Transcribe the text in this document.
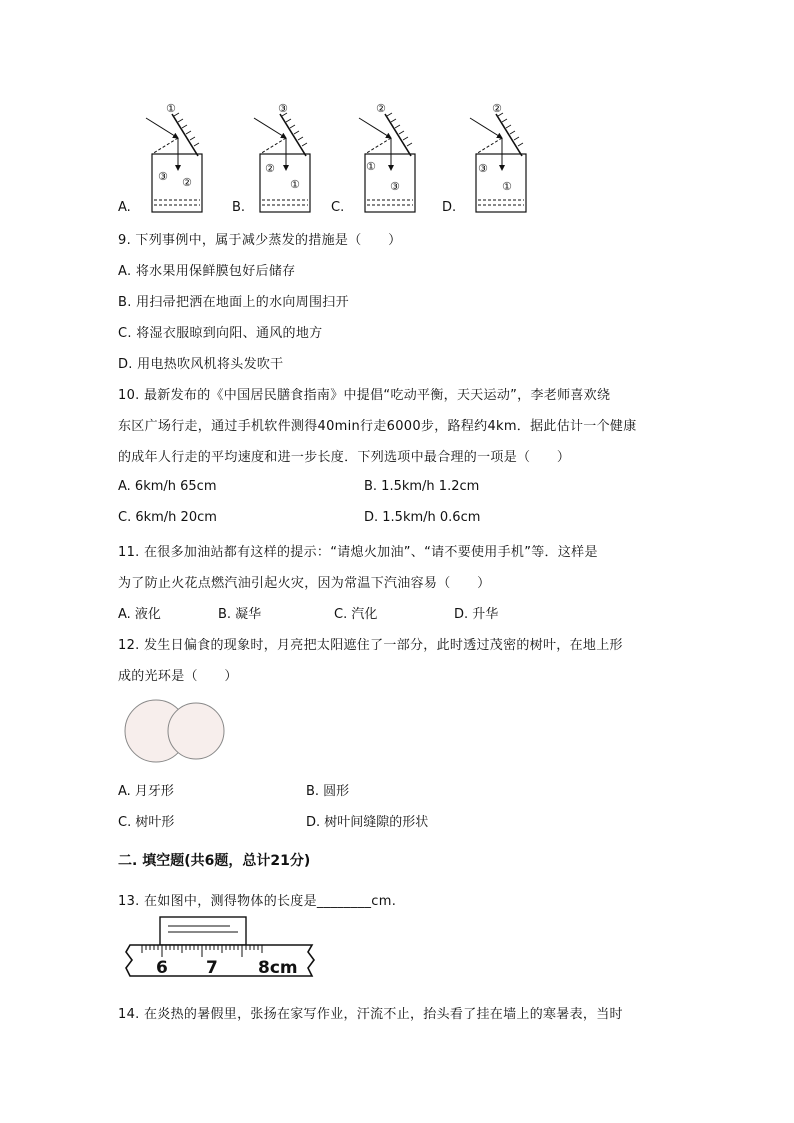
①
③ ②
③
②
①
②
①
③
②
③
①
A.	B.	C.	D.
9. 下列事例中，属于减少蒸发的措施是（　　）
A. 将水果用保鲜膜包好后储存
B. 用扫帚把洒在地面上的水向周围扫开
C. 将湿衣服晾到向阳、通风的地方
D. 用电热吹风机将头发吹干
10. 最新发布的《中国居民膳食指南》中提倡“吃动平衡，天天运动”，李老师喜欢绕
东区广场行走，通过手机软件测得40min行走6000步，路程约4km．据此估计一个健康
的成年人行走的平均速度和进一步长度．下列选项中最合理的一项是（　　）
A. 6km/h 65cm	B. 1.5km/h 1.2cm
C. 6km/h 20cm	D. 1.5km/h 0.6cm
11. 在很多加油站都有这样的提示：“请熄火加油”、“请不要使用手机”等．这样是
为了防止火花点燃汽油引起火灾，因为常温下汽油容易（　　）
A. 液化	B. 凝华	C. 汽化	D. 升华
12. 发生日偏食的现象时，月亮把太阳遮住了一部分，此时透过茂密的树叶，在地上形
成的光环是（　　）
A. 月牙形	B. 圆形
C. 树叶形	D. 树叶间缝隙的形状
二. 填空题(共6题，总计21分)
13. 在如图中，测得物体的长度是________cm.
6 7 8cm
14. 在炎热的暑假里，张扬在家写作业，汗流不止，抬头看了挂在墙上的寒暑表，当时
